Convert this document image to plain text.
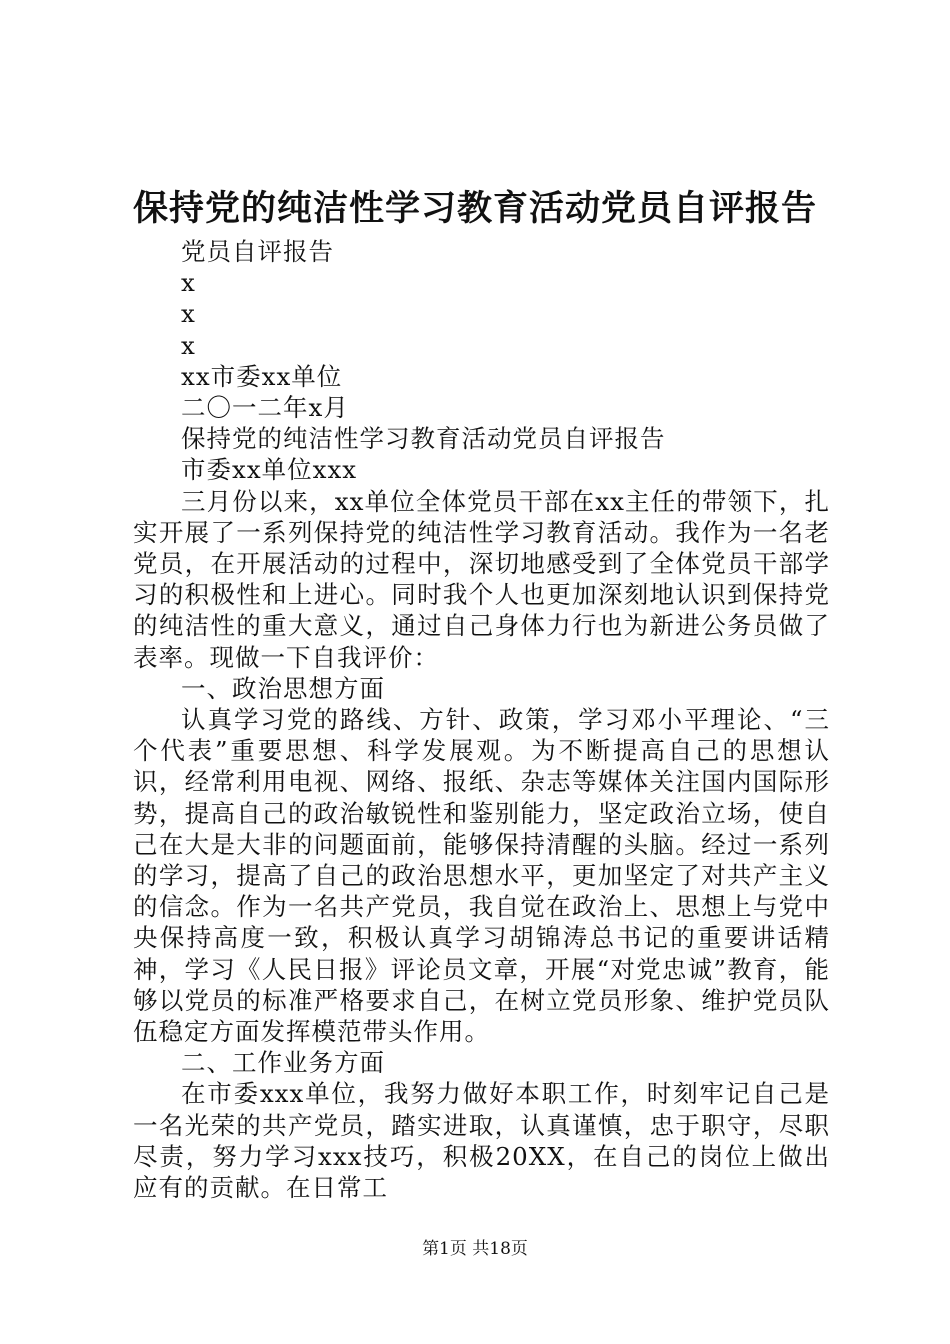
保持党的纯洁性学习教育活动党员自评报告
党员自评报告
x
x
x
xx市委xx单位
二〇一二年x月
保持党的纯洁性学习教育活动党员自评报告
市委xx单位xxx

三月份以来，xx单位全体党员干部在xx主任的带领下，扎实开展了一系列保持党的纯洁性学习教育活动。我作为一名老党员，在开展活动的过程中，深切地感受到了全体党员干部学习的积极性和上进心。同时我个人也更加深刻地认识到保持党的纯洁性的重大意义，通过自己身体力行也为新进公务员做了表率。现做一下自我评价：

一、政治思想方面

认真学习党的路线、方针、政策，学习邓小平理论、“三个代表”重要思想、科学发展观。为不断提高自己的思想认识，经常利用电视、网络、报纸、杂志等媒体关注国内国际形势，提高自己的政治敏锐性和鉴别能力，坚定政治立场，使自己在大是大非的问题面前，能够保持清醒的头脑。经过一系列的学习，提高了自己的政治思想水平，更加坚定了对共产主义的信念。作为一名共产党员，我自觉在政治上、思想上与党中央保持高度一致，积极认真学习胡锦涛总书记的重要讲话精神，学习《人民日报》评论员文章，开展“对党忠诚”教育，能够以党员的标准严格要求自己，在树立党员形象、维护党员队伍稳定方面发挥模范带头作用。

二、工作业务方面

在市委xxx单位，我努力做好本职工作，时刻牢记自己是一名光荣的共产党员，踏实进取，认真谨慎，忠于职守，尽职尽责，努力学习xxx技巧，积极20XX，在自己的岗位上做出应有的贡献。在日常工

第1页 共18页
